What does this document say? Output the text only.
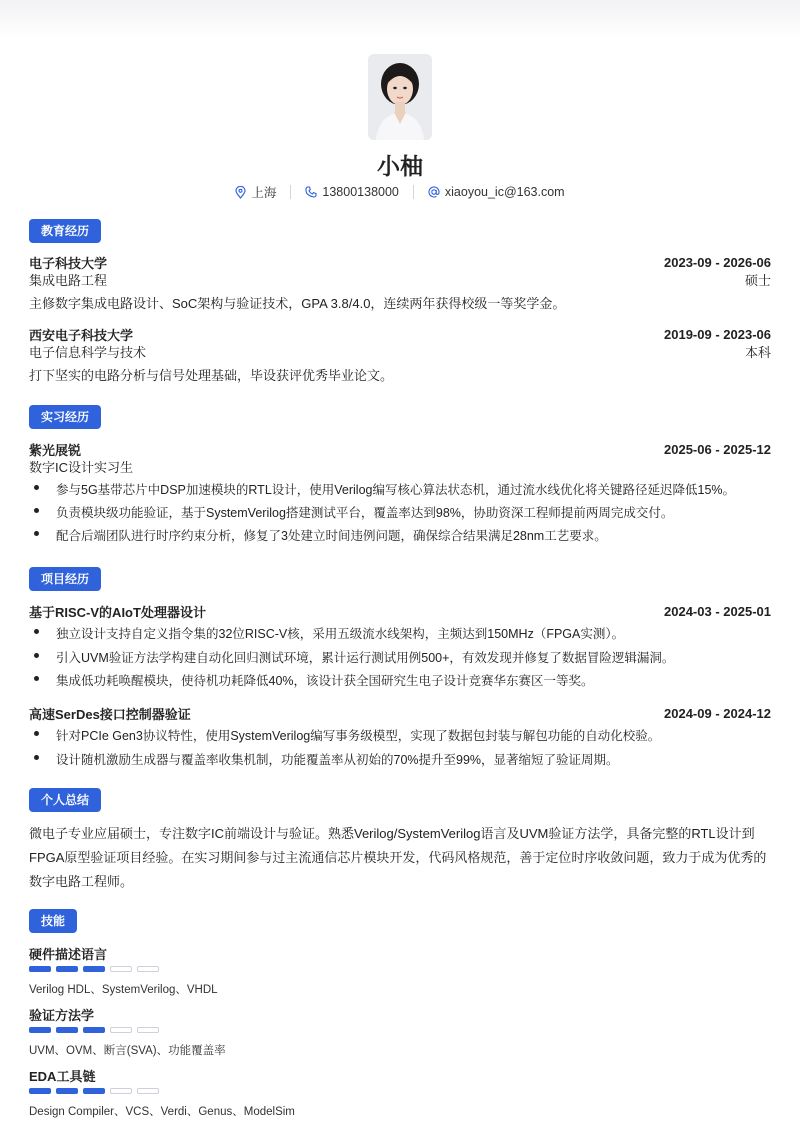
小柚
上海	13800138000	xiaoyou_ic@163.com
教育经历
电子科技大学	2023-09 - 2026-06
集成电路工程	硕士
主修数字集成电路设计、SoC架构与验证技术，GPA 3.8/4.0，连续两年获得校级一等奖学金。
西安电子科技大学	2019-09 - 2023-06
电子信息科学与技术	本科
打下坚实的电路分析与信号处理基础，毕设获评优秀毕业论文。
实习经历
紫光展锐	2025-06 - 2025-12
数字IC设计实习生
参与5G基带芯片中DSP加速模块的RTL设计，使用Verilog编写核心算法状态机，通过流水线优化将关键路径延迟降低15%。
负责模块级功能验证，基于SystemVerilog搭建测试平台，覆盖率达到98%，协助资深工程师提前两周完成交付。
配合后端团队进行时序约束分析，修复了3处建立时间违例问题，确保综合结果满足28nm工艺要求。
项目经历
基于RISC-V的AIoT处理器设计	2024-03 - 2025-01
独立设计支持自定义指令集的32位RISC-V核，采用五级流水线架构，主频达到150MHz（FPGA实测）。
引入UVM验证方法学构建自动化回归测试环境，累计运行测试用例500+，有效发现并修复了数据冒险逻辑漏洞。
集成低功耗唤醒模块，使待机功耗降低40%，该设计获全国研究生电子设计竞赛华东赛区一等奖。
高速SerDes接口控制器验证	2024-09 - 2024-12
针对PCIe Gen3协议特性，使用SystemVerilog编写事务级模型，实现了数据包封装与解包功能的自动化校验。
设计随机激励生成器与覆盖率收集机制，功能覆盖率从初始的70%提升至99%，显著缩短了验证周期。
个人总结
微电子专业应届硕士，专注数字IC前端设计与验证。熟悉Verilog/SystemVerilog语言及UVM验证方法学，具备完整的RTL设计到
FPGA原型验证项目经验。在实习期间参与过主流通信芯片模块开发，代码风格规范，善于定位时序收敛问题，致力于成为优秀的
数字电路工程师。
技能
硬件描述语言
Verilog HDL、SystemVerilog、VHDL
验证方法学
UVM、OVM、断言(SVA)、功能覆盖率
EDA工具链
Design Compiler、VCS、Verdi、Genus、ModelSim
